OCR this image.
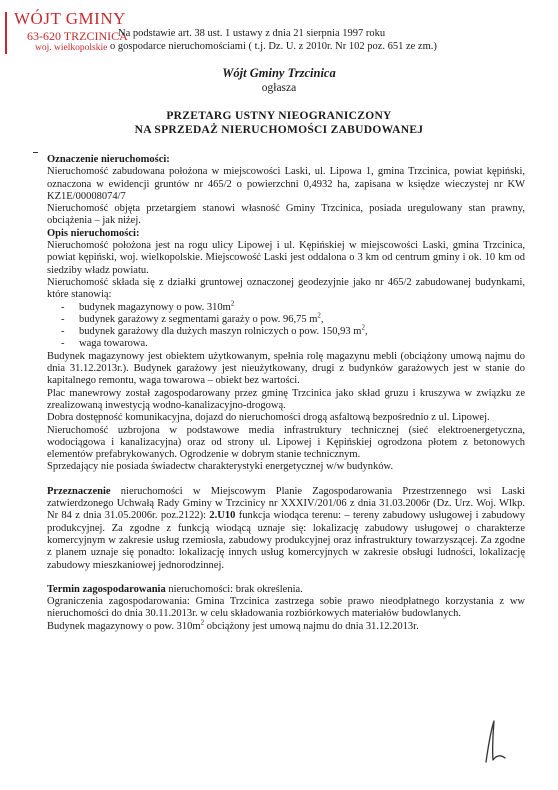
WÓJT GMINY
63-620 TRZCINICA
woj. wielkopolskie
Na podstawie art. 38 ust. 1 ustawy z dnia 21 sierpnia 1997 roku
o gospodarce nieruchomościami ( t.j. Dz. U. z 2010r. Nr 102 poz. 651 ze zm.)
Wójt Gminy Trzcinica
ogłasza
PRZETARG USTNY NIEOGRANICZONY
NA SPRZEDAŻ NIERUCHOMOŚCI ZABUDOWANEJ

Oznaczenie nieruchomości:

Nieruchomość zabudowana położona w miejscowości Laski, ul. Lipowa 1, gmina Trzcinica, powiat kępiński, oznaczona w ewidencji gruntów nr 465/2 o powierzchni 0,4932 ha, zapisana w księdze wieczystej nr KW KZ1E/00008074/7

Nieruchomość objęta przetargiem stanowi własność Gminy Trzcinica, posiada uregulowany stan prawny, obciążenia – jak niżej.

Opis nieruchomości:

Nieruchomość położona jest na rogu ulicy Lipowej i ul. Kępińskiej w miejscowości Laski, gmina Trzcinica, powiat kępiński, woj. wielkopolskie. Miejscowość Laski jest oddalona o 3 km od centrum gminy i ok. 10 km od siedziby władz powiatu.

Nieruchomość składa się z działki gruntowej oznaczonej geodezyjnie jako nr 465/2 zabudowanej budynkami, które stanowią:

- budynek magazynowy o pow. $310m^2$
- budynek garażowy z segmentami garaży o pow. 96,75 $m^2$,
- budynek garażowy dla dużych maszyn rolniczych o pow. 150,93 $m^2$,
- waga towarowa.

Budynek magazynowy jest obiektem użytkowanym, spełnia rolę magazynu mebli (obciążony umową najmu do dnia 31.12.2013r.). Budynek garażowy jest nieużytkowany, drugi z budynków garażowych jest w stanie do kapitalnego remontu, waga towarowa – obiekt bez wartości.

Plac manewrowy został zagospodarowany przez gminę Trzcinica jako skład gruzu i kruszywa w związku ze zrealizowaną inwestycją wodno-kanalizacyjno-drogową.

Dobra dostępność komunikacyjna, dojazd do nieruchomości drogą asfaltową bezpośrednio z ul. Lipowej.

Nieruchomość uzbrojona w podstawowe media infrastruktury technicznej (sieć elektroenergetyczna, wodociągowa i kanalizacyjna) oraz od strony ul. Lipowej i Kępińskiej ogrodzona płotem z betonowych elementów prefabrykowanych. Ogrodzenie w dobrym stanie technicznym.

Sprzedający nie posiada świadectw charakterystyki energetycznej w/w budynków.

Przeznaczenie nieruchomości w Miejscowym Planie Zagospodarowania Przestrzennego wsi Laski zatwierdzonego Uchwałą Rady Gminy w Trzcinicy nr XXXIV/201/06 z dnia 31.03.2006r (Dz. Urz. Woj. Wlkp. Nr 84 z dnia 31.05.2006r. poz.2122): 2.U10 funkcja wiodąca terenu: – tereny zabudowy usługowej i zabudowy produkcyjnej. Za zgodne z funkcją wiodącą uznaje się: lokalizację zabudowy usługowej o charakterze komercyjnym w zakresie usług rzemiosła, zabudowy produkcyjnej oraz infrastruktury towarzyszącej. Za zgodne z planem uznaje się ponadto: lokalizację innych usług komercyjnych w zakresie obsługi ludności, lokalizację zabudowy mieszkaniowej jednorodzinnej.

Termin zagospodarowania nieruchomości: brak określenia.

Ograniczenia zagospodarowania: Gmina Trzcinica zastrzega sobie prawo nieodpłatnego korzystania z ww nieruchomości do dnia 30.11.2013r. w celu składowania rozbiórkowych materiałów budowlanych.

Budynek magazynowy o pow. $310m^2$ obciążony jest umową najmu do dnia 31.12.2013r.
